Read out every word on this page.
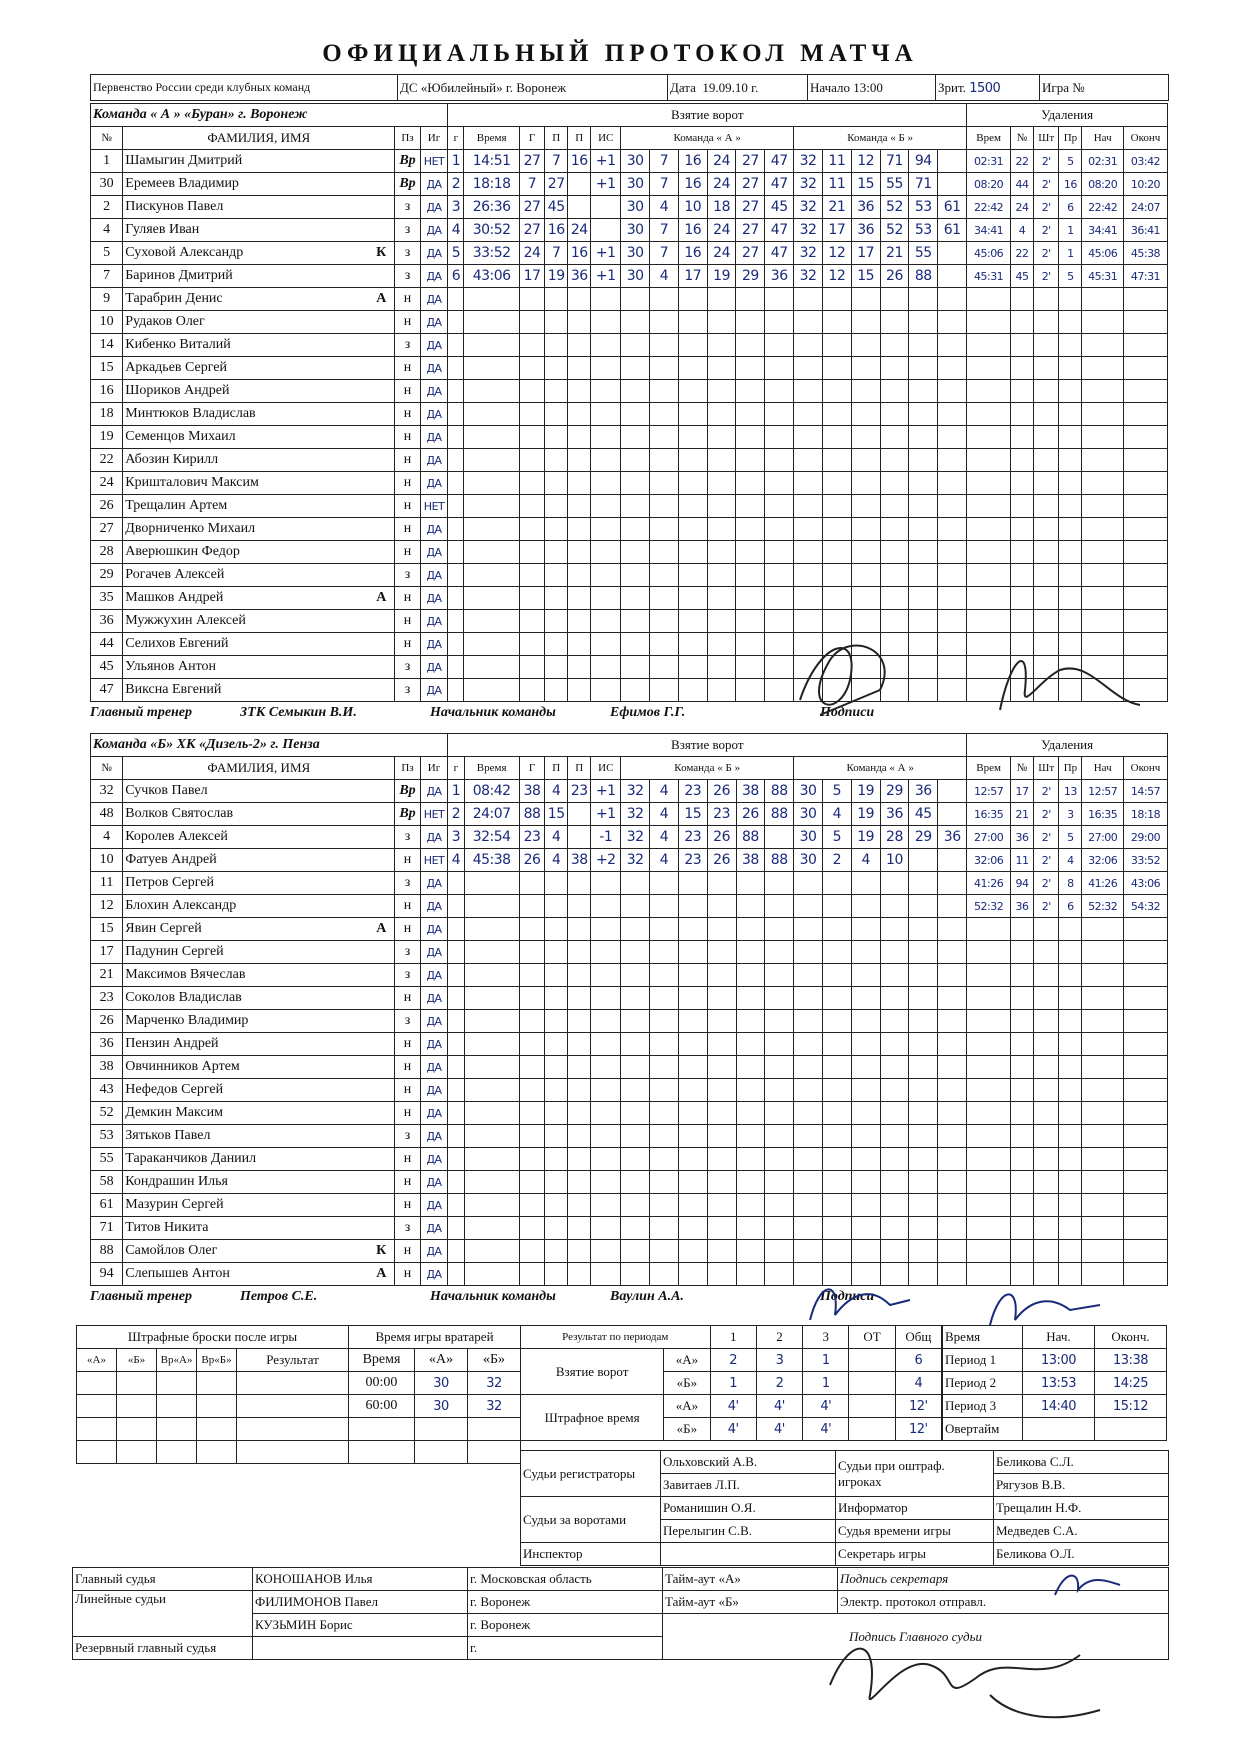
ОФИЦИАЛЬНЫЙ ПРОТОКОЛ МАТЧА
Первенство России среди клубных команд	ДС «Юбилейный» г. Воронеж	Дата 19.09.10 г.	Начало 13:00	Зрит. 1500	Игра №
Команда « А » «Буран» г. Воронеж				Взятие ворот																		Удаления					
№	ФАМИЛИЯ, ИМЯ	Пз	Иг	г	Время	Г	П	П	ИС	Команда « А »						Команда « Б »						Врем	№	Шт	Пр	Нач	Оконч
1	Шамыгин Дмитрий	Вр	НЕТ	1	14:51	27	7	16	+1	30	7	16	24	27	47	32	11	12	71	94		02:31	22	2'	5	02:31	03:42
30	Еремеев Владимир	Вр	ДА	2	18:18	7	27		+1	30	7	16	24	27	47	32	11	15	55	71		08:20	44	2'	16	08:20	10:20
2	Пискунов Павел	з	ДА	3	26:36	27	45			30	4	10	18	27	45	32	21	36	52	53	61	22:42	24	2'	6	22:42	24:07
4	Гуляев Иван	з	ДА	4	30:52	27	16	24		30	7	16	24	27	47	32	17	36	52	53	61	34:41	4	2'	1	34:41	36:41
5	Суховой Александр К	з	ДА	5	33:52	24	7	16	+1	30	7	16	24	27	47	32	12	17	21	55		45:06	22	2'	1	45:06	45:38
7	Баринов Дмитрий	з	ДА	6	43:06	17	19	36	+1	30	4	17	19	29	36	32	12	15	26	88		45:31	45	2'	5	45:31	47:31
9	Тарабрин Денис А	н	ДА																								
10	Рудаков Олег	н	ДА																								
14	Кибенко Виталий	з	ДА																								
15	Аркадьев Сергей	н	ДА																								
16	Шориков Андрей	н	ДА																								
18	Минтюков Владислав	н	ДА																								
19	Семенцов Михаил	н	ДА																								
22	Абозин Кирилл	н	ДА																								
24	Кришталович Максим	н	ДА																								
26	Трещалин Артем	н	НЕТ																								
27	Дворниченко Михаил	н	ДА																								
28	Аверюшкин Федор	н	ДА																								
29	Рогачев Алексей	з	ДА																								
35	Машков Андрей А	н	ДА																								
36	Мужжухин Алексей	н	ДА																								
44	Селихов Евгений	н	ДА																								
45	Ульянов Антон	з	ДА																								
47	Виксна Евгений	з	ДА																								
Главный тренер	ЗТК Семыкин В.И.	Начальник команды	Ефимов Г.Г.	Подписи
Команда «Б» ХК «Дизель-2» г. Пенза				Взятие ворот																		Удаления					
№	ФАМИЛИЯ, ИМЯ	Пз	Иг	г	Время	Г	П	П	ИС	Команда « Б »						Команда « А »						Врем	№	Шт	Пр	Нач	Оконч
32	Сучков Павел	Вр	ДА	1	08:42	38	4	23	+1	32	4	23	26	38	88	30	5	19	29	36		12:57	17	2'	13	12:57	14:57
48	Волков Святослав	Вр	НЕТ	2	24:07	88	15		+1	32	4	15	23	26	88	30	4	19	36	45		16:35	21	2'	3	16:35	18:18
4	Королев Алексей	з	ДА	3	32:54	23	4		-1	32	4	23	26	88		30	5	19	28	29	36	27:00	36	2'	5	27:00	29:00
10	Фатуев Андрей	н	НЕТ	4	45:38	26	4	38	+2	32	4	23	26	38	88	30	2	4	10			32:06	11	2'	4	32:06	33:52
11	Петров Сергей	з	ДА																			41:26	94	2'	8	41:26	43:06
12	Блохин Александр	н	ДА																			52:32	36	2'	6	52:32	54:32
15	Явин Сергей А	н	ДА																								
17	Падунин Сергей	з	ДА																								
21	Максимов Вячеслав	з	ДА																								
23	Соколов Владислав	н	ДА																								
26	Марченко Владимир	з	ДА																								
36	Пензин Андрей	н	ДА																								
38	Овчинников Артем	н	ДА																								
43	Нефедов Сергей	н	ДА																								
52	Демкин Максим	н	ДА																								
53	Зятьков Павел	з	ДА																								
55	Тараканчиков Даниил	н	ДА																								
58	Кондрашин Илья	н	ДА																								
61	Мазурин Сергей	н	ДА																								
71	Титов Никита	з	ДА																								
88	Самойлов Олег К	н	ДА																								
94	Слепышев Антон А	н	ДА																								
Главный тренер	Петров С.Е.	Начальник команды	Ваулин А.А.	Подписи
Штрафные броски после игры				
«А»	«Б»	Вр«А»	Вр«Б»	Результат

Время игры вратарей		
Время	«А»	«Б»
00:00	30	32
60:00	30	32

Результат по периодам		1	2	3	ОТ	Общ
Взятие ворот	«А»	2	3	1		6
	«Б»	1	2	1		4
Штрафное время	«А»	4'	4'	4'		12'
	«Б»	4'	4'	4'		12'
Время	Нач.	Оконч.
Период 1	13:00	13:38
Период 2	13:53	14:25
Период 3	14:40	15:12
Овертайм		
Судьи регистраторы	Ольховский А.В.	Судьи при оштраф. игроках	Беликова С.Л.
	Завитаев Л.П.		Рягузов В.В.
Судьи за воротами	Романишин О.Я.	Информатор	Трещалин Н.Ф.
	Перелыгин С.В.	Судья времени игры	Медведев С.А.
Инспектор		Секретарь игры	Беликова О.Л.
Главный судья	КОНОШАНОВ Илья	г. Московская область	Тайм-аут «А»	Подпись секретаря
Линейные судьи	ФИЛИМОНОВ Павел	г. Воронеж	Тайм-аут «Б»	Электр. протокол отправл.
	КУЗЬМИН Борис	г. Воронеж	Подпись Главного судьи	
Резервный главный судья		г.		
